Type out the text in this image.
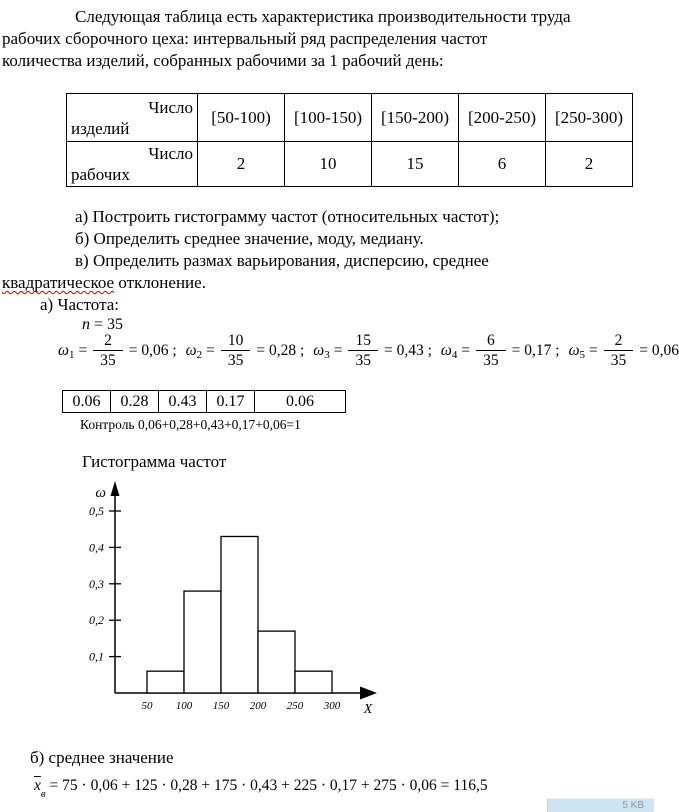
Следующая таблица есть характеристика производительности труда
рабочих сборочного цеха: интервальный ряд распределения частот
количества изделий, собранных рабочими за 1 рабочий день:
Число
изделий	[50-100)	[100-150)	[150-200)	[200-250)	[250-300)

Число
рабочих	2	10	15	6	2
а) Построить гистограмму частот (относительных частот);
б) Определить среднее значение, моду, медиану.
в) Определить размах варьирования, дисперсию, среднее
квадратическое отклонение.
а) Частота:
n = 35
$\omega_1 = \frac{2}{35} = 0,06$ ; $\omega_2 = \frac{10}{35} = 0,28$ ; $\omega_3 = \frac{15}{35} = 0,43$ ; $\omega_4 = \frac{6}{35} = 0,17$ ; $\omega_5 = \frac{2}{35} = 0,06$
0.06	0.28	0.43	0.17	0.06
Контроль 0,06+0,28+0,43+0,17+0,06=1
Гистограмма частот
ω
X
0,1
0,2
0,3
0,4
0,5
50 100 150 200 250 300
б) среднее значение
$\overline{x}_в = 75 \cdot 0,06 + 125 \cdot 0,28 + 175 \cdot 0,43 + 225 \cdot 0,17 + 275 \cdot 0,06 = 116,5$
5 KB
